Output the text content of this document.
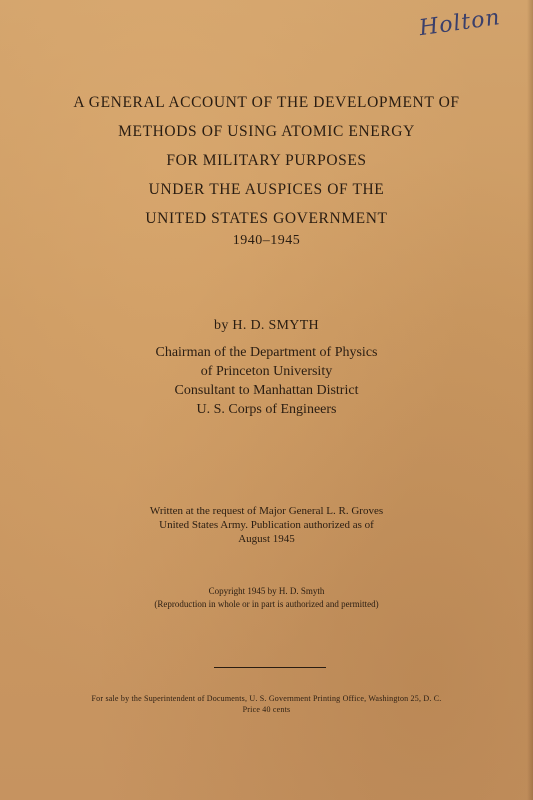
Holton
A GENERAL ACCOUNT OF THE DEVELOPMENT OF
METHODS OF USING ATOMIC ENERGY
FOR MILITARY PURPOSES
UNDER THE AUSPICES OF THE
UNITED STATES GOVERNMENT
1940–1945
by H. D. SMYTH
Chairman of the Department of Physics
of Princeton University
Consultant to Manhattan District
U. S. Corps of Engineers
Written at the request of Major General L. R. Groves
United States Army. Publication authorized as of
August 1945
Copyright 1945 by H. D. Smyth
(Reproduction in whole or in part is authorized and permitted)
For sale by the Superintendent of Documents, U. S. Government Printing Office, Washington 25, D. C.
Price 40 cents
